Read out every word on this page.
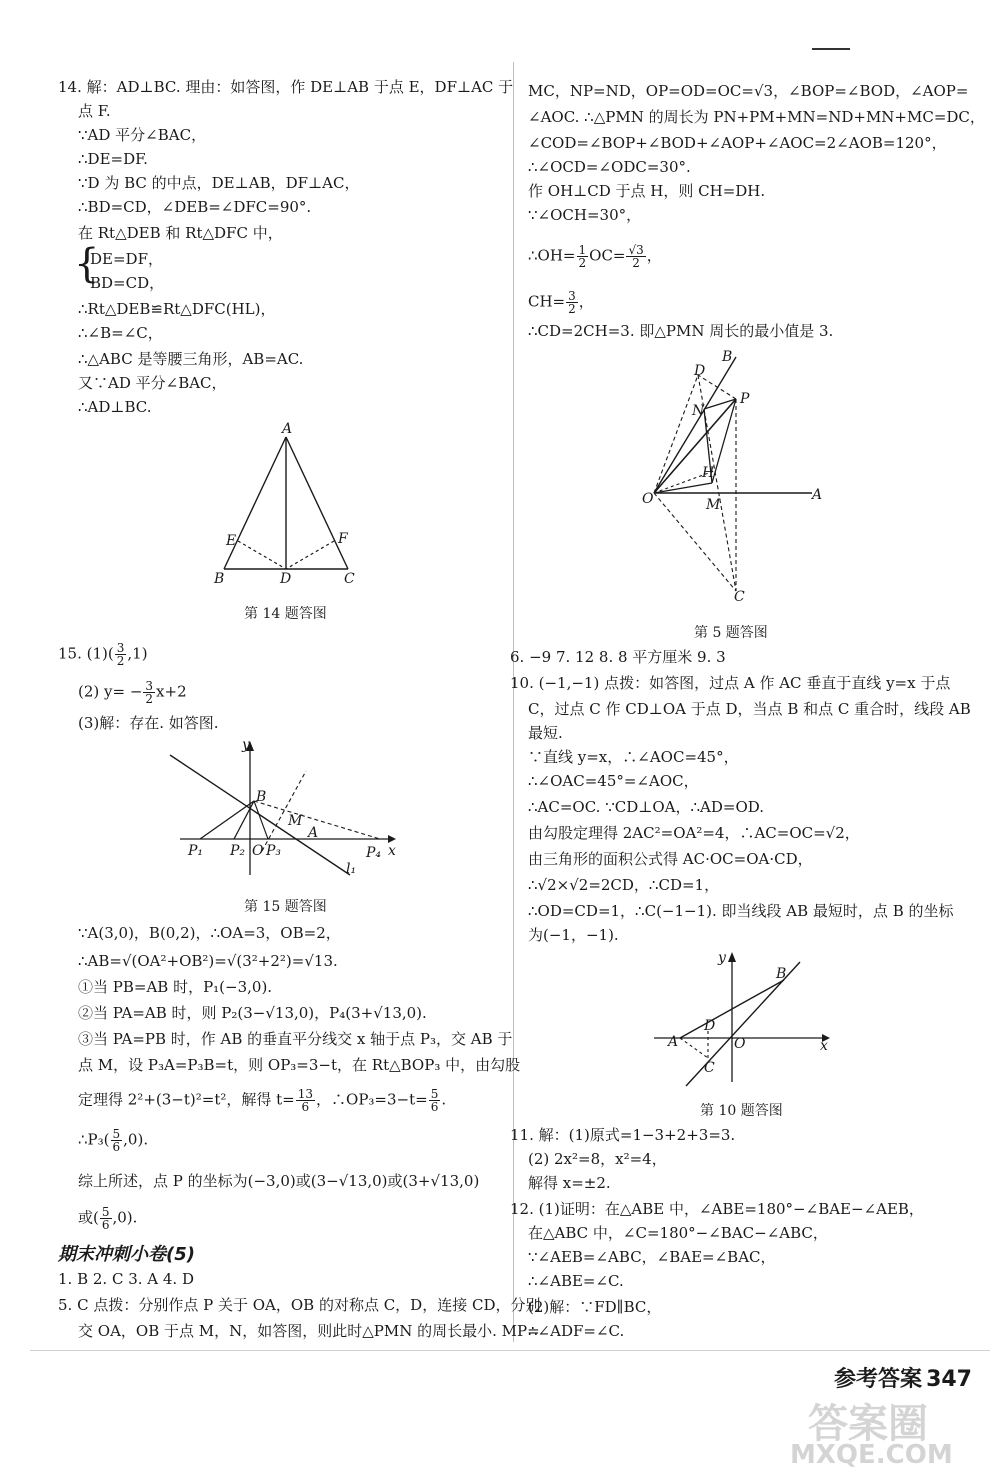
14. 解：AD⊥BC. 理由：如答图，作 DE⊥AB 于点 E，DF⊥AC 于
点 F.
∵AD 平分∠BAC，
∴DE=DF.
∵D 为 BC 的中点，DE⊥AB，DF⊥AC，
∴BD=CD，∠DEB=∠DFC=90°.
在 Rt△DEB 和 Rt△DFC 中，
{
DE=DF，
BD=CD，
∴Rt△DEB≌Rt△DFC(HL)，
∴∠B=∠C，
∴△ABC 是等腰三角形，AB=AC.
又∵AD 平分∠BAC，
∴AD⊥BC.
A
E	F
B	D	C
第 14 题答图
15. $(1)( \frac{3}{2} ,1)$
(2) $y= - \frac{3}{2} x+2$
(3)解：存在. 如答图.
y
x
B
M
A
P₁ P₂ O P₃	P₄
l₁
第 15 题答图
∵A(3,0)，B(0,2)，∴OA=3，OB=2，
∴AB=√(OA²+OB²)=√(3²+2²)=√13.
①当 PB=AB 时，P₁(−3,0).
②当 PA=AB 时，则 P₂(3−√13,0)，P₄(3+√13,0).
③当 PA=PB 时，作 AB 的垂直平分线交 x 轴于点 P₃，交 AB 于
点 M，设 P₃A=P₃B=t，则 OP₃=3−t，在 Rt△BOP₃ 中，由勾股
定理得 2²+(3−t)²=t²，解得 $t= \frac{13}{6}$ ，∴OP₃=3−t= $\frac{5}{6}$ .
∴P₃( $\frac{5}{6} ,0$).
综上所述，点 P 的坐标为(−3,0)或(3−√13,0)或(3+√13,0)
或( $\frac{5}{6} ,0$).
期末冲刺小卷(5)
1. B 2. C 3. A 4. D
5. C 点拨：分别作点 P 关于 OA，OB 的对称点 C，D，连接 CD，分别
交 OA，OB 于点 M，N，如答图，则此时△PMN 的周长最小. MP=
MC，NP=ND，OP=OD=OC=√3，∠BOP=∠BOD，∠AOP=
∠AOC. ∴△PMN 的周长为 PN+PM+MN=ND+MN+MC=DC，
∠COD=∠BOP+∠BOD+∠AOP+∠AOC=2∠AOB=120°，
∴∠OCD=∠ODC=30°.
作 OH⊥CD 于点 H，则 CH=DH.
∵∠OCH=30°，
∴OH= $\frac{1}{2} OC= \frac{√3}{2}$ ，
$CH= \frac{3}{2}$ ，
∴CD=2CH=3. 即△PMN 周长的最小值是 3.
B
D
N
P
H
O	M
A
C
第 5 题答图
6. −9 7. 12 8. 8 平方厘米 9. 3
10. (−1,−1) 点拨：如答图，过点 A 作 AC 垂直于直线 y=x 于点
C，过点 C 作 CD⊥OA 于点 D，当点 B 和点 C 重合时，线段 AB
最短.
∵直线 y=x，∴∠AOC=45°，
∴∠OAC=45°=∠AOC，
∴AC=OC. ∵CD⊥OA，∴AD=OD.
由勾股定理得 2AC²=OA²=4，∴AC=OC=√2，
由三角形的面积公式得 AC·OC=OA·CD，
∴√2×√2=2CD，∴CD=1，
∴OD=CD=1，∴C(−1−1). 即当线段 AB 最短时，点 B 的坐标
为(−1，−1).
y
B
D
A	O	x
C
第 10 题答图
11. 解：(1)原式=1−3+2+3=3.
(2) 2x²=8，x²=4，
解得 x=±2.
12. (1)证明：在△ABE 中，∠ABE=180°−∠BAE−∠AEB，
在△ABC 中，∠C=180°−∠BAC−∠ABC，
∵∠AEB=∠ABC，∠BAE=∠BAC，
∴∠ABE=∠C.
(2)解：∵FD∥BC，
∴∠ADF=∠C.
参考答案 347
答案圈
MXQE.COM
